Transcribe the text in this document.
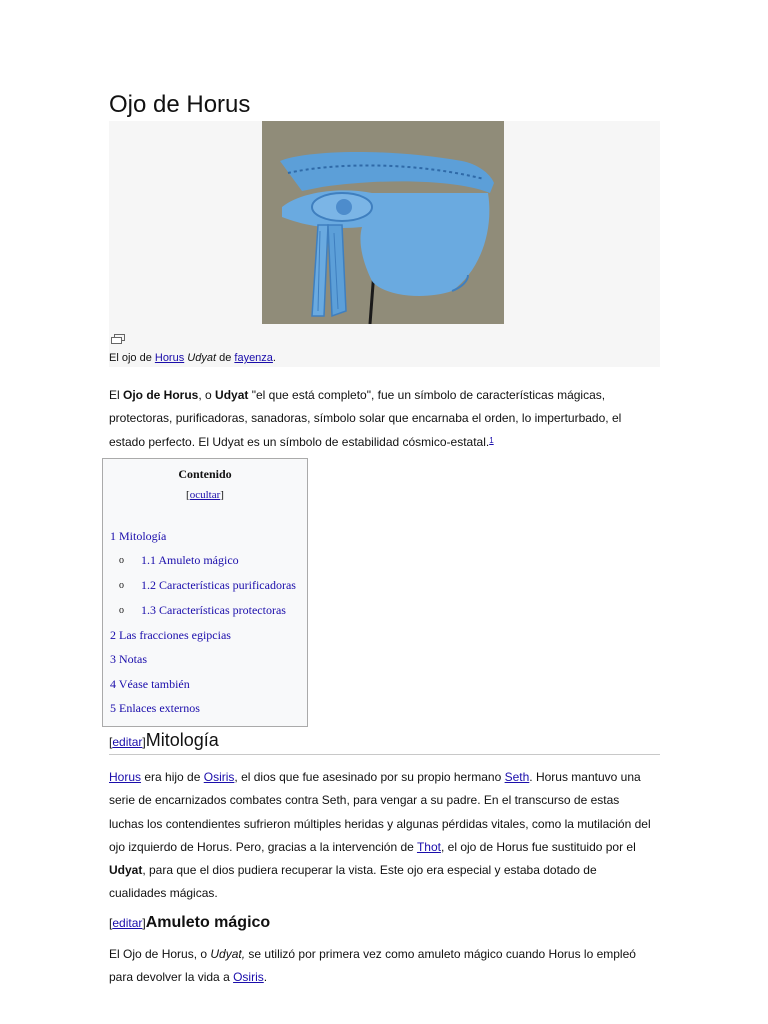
Ojo de Horus
El ojo de Horus Udyat de fayenza.

El Ojo de Horus, o Udyat "el que está completo", fue un símbolo de características mágicas, protectoras, purificadoras, sanadoras, símbolo solar que encarnaba el orden, lo imperturbado, el estado perfecto. El Udyat es un símbolo de estabilidad cósmico-estatal.$^1$

Contenido
[ocultar]
1 Mitología
o 1.1 Amuleto mágico
o 1.2 Características purificadoras
o 1.3 Características protectoras
2 Las fracciones egipcias
3 Notas
4 Véase también
5 Enlaces externos
[editar]Mitología

Horus era hijo de Osiris, el dios que fue asesinado por su propio hermano Seth. Horus mantuvo una serie de encarnizados combates contra Seth, para vengar a su padre. En el transcurso de estas luchas los contendientes sufrieron múltiples heridas y algunas pérdidas vitales, como la mutilación del ojo izquierdo de Horus. Pero, gracias a la intervención de Thot, el ojo de Horus fue sustituido por el Udyat, para que el dios pudiera recuperar la vista. Este ojo era especial y estaba dotado de cualidades mágicas.

[editar]Amuleto mágico

El Ojo de Horus, o Udyat, se utilizó por primera vez como amuleto mágico cuando Horus lo empleó para devolver la vida a Osiris.
